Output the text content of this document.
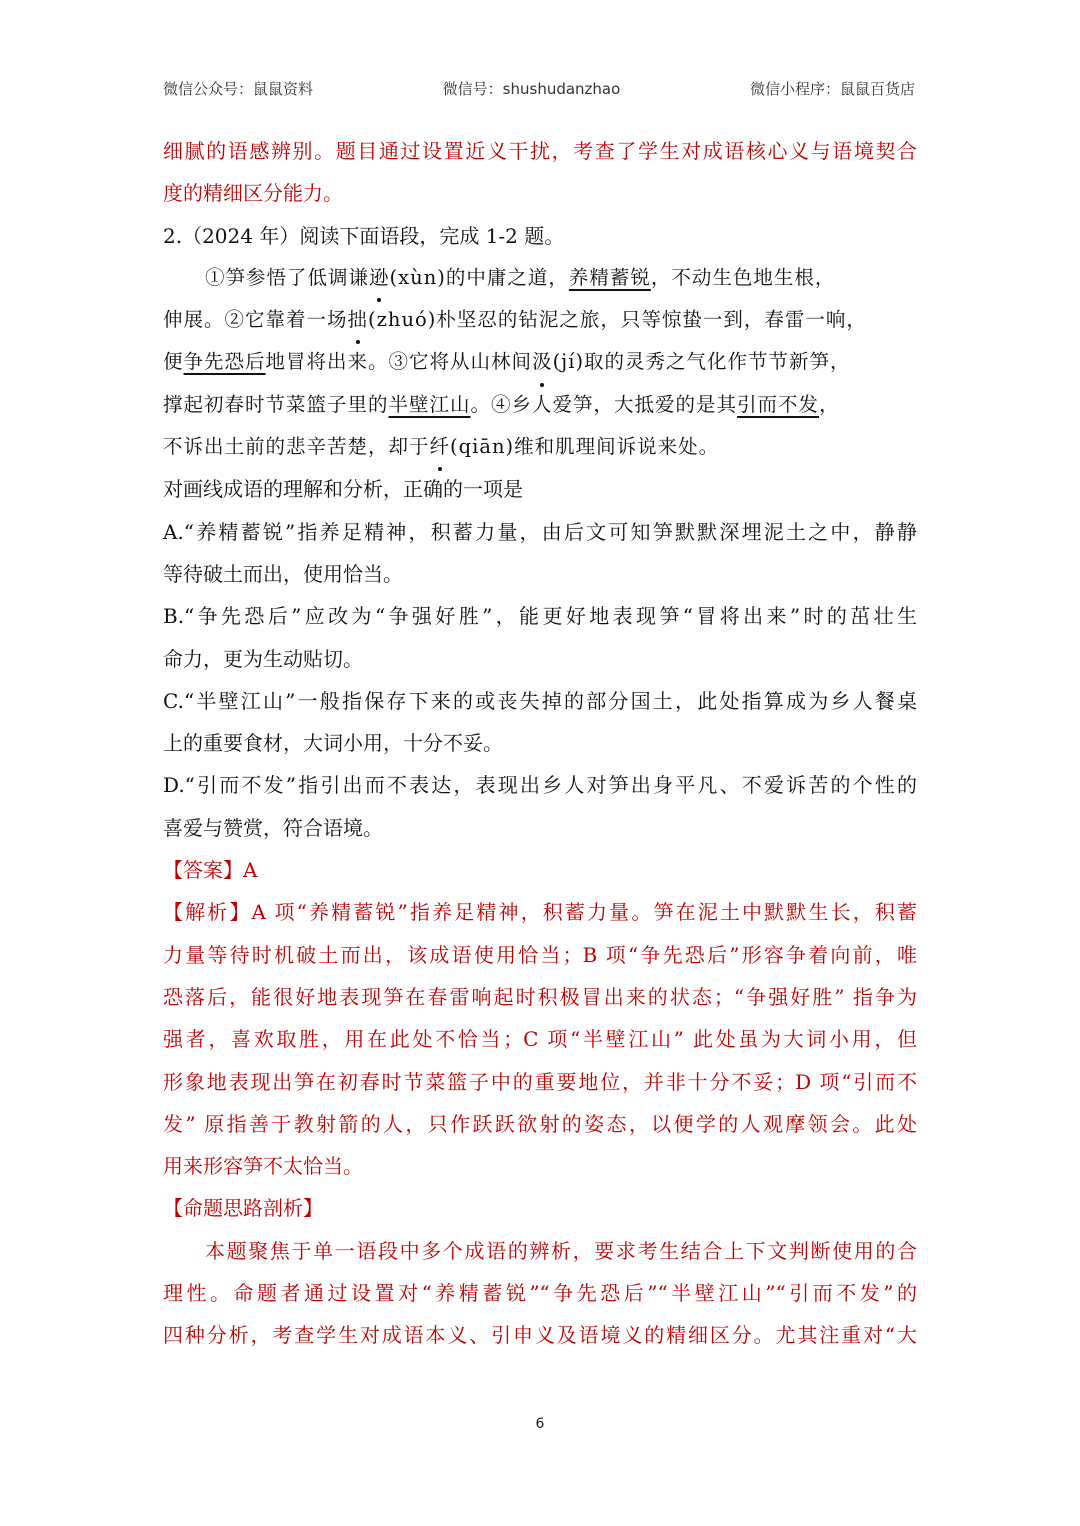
微信公众号：鼠鼠资料	微信号：shushudanzhao	微信小程序：鼠鼠百货店
细腻的语感辨别。题目通过设置近义干扰，考查了学生对成语核心义与语境契合
度的精细区分能力。
2.（2024 年）阅读下面语段，完成 1-2 题。
①笋参悟了低调谦逊(xùn)的中庸之道，养精蓄锐，不动生色地生根，
伸展。②它靠着一场拙(zhuó)朴坚忍的钻泥之旅，只等惊蛰一到，春雷一响，
便争先恐后地冒将出来。③它将从山林间汲(jí)取的灵秀之气化作节节新笋，
撑起初春时节菜篮子里的半壁江山。④乡人爱笋，大抵爱的是其引而不发，
不诉出土前的悲辛苦楚，却于纤(qiān)维和肌理间诉说来处。
对画线成语的理解和分析，正确的一项是
A.“养精蓄锐”指养足精神，积蓄力量，由后文可知笋默默深埋泥土之中，静静
等待破土而出，使用恰当。
B.“争先恐后”应改为“争强好胜”，能更好地表现笋“冒将出来”时的茁壮生
命力，更为生动贴切。
C.“半壁江山”一般指保存下来的或丧失掉的部分国土，此处指算成为乡人餐桌
上的重要食材，大词小用，十分不妥。
D.“引而不发”指引出而不表达，表现出乡人对笋出身平凡、不爱诉苦的个性的
喜爱与赞赏，符合语境。
【答案】A
【解析】A 项“养精蓄锐”指养足精神，积蓄力量。笋在泥土中默默生长，积蓄
力量等待时机破土而出，该成语使用恰当；B 项“争先恐后”形容争着向前，唯
恐落后，能很好地表现笋在春雷响起时积极冒出来的状态；“争强好胜” 指争为
强者，喜欢取胜，用在此处不恰当；C 项“半壁江山” 此处虽为大词小用，但
形象地表现出笋在初春时节菜篮子中的重要地位，并非十分不妥；D 项“引而不
发” 原指善于教射箭的人，只作跃跃欲射的姿态，以便学的人观摩领会。此处
用来形容笋不太恰当。
【命题思路剖析】
本题聚焦于单一语段中多个成语的辨析，要求考生结合上下文判断使用的合
理性。命题者通过设置对“养精蓄锐”“争先恐后”“半壁江山”“引而不发”的
四种分析，考查学生对成语本义、引申义及语境义的精细区分。尤其注重对“大
6
